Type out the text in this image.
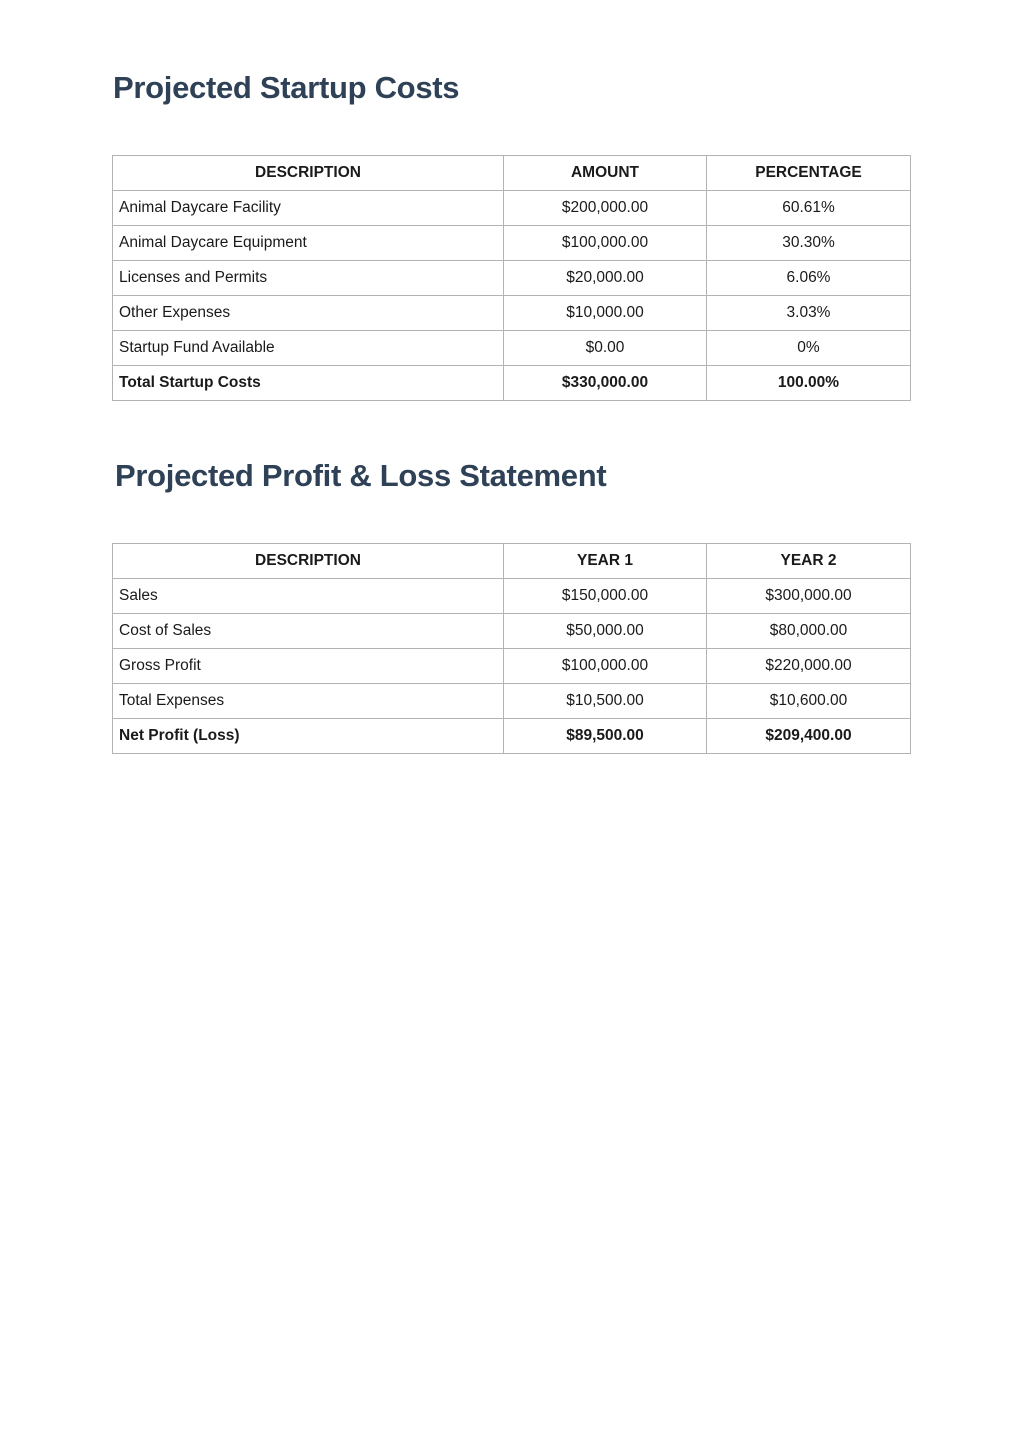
Projected Startup Costs
DESCRIPTION	AMOUNT	PERCENTAGE
Animal Daycare Facility	$200,000.00	60.61%
Animal Daycare Equipment	$100,000.00	30.30%
Licenses and Permits	$20,000.00	6.06%
Other Expenses	$10,000.00	3.03%
Startup Fund Available	$0.00	0%
Total Startup Costs	$330,000.00	100.00%
Projected Profit & Loss Statement
DESCRIPTION	YEAR 1	YEAR 2
Sales	$150,000.00	$300,000.00
Cost of Sales	$50,000.00	$80,000.00
Gross Profit	$100,000.00	$220,000.00
Total Expenses	$10,500.00	$10,600.00
Net Profit (Loss)	$89,500.00	$209,400.00
